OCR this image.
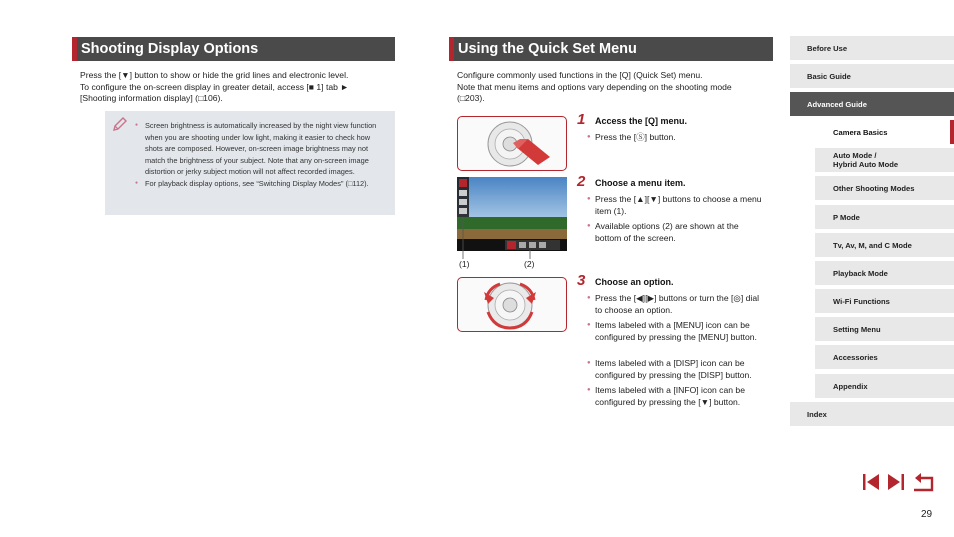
Shooting Display Options
Press the [▼] button to show or hide the grid lines and electronic level.
To configure the on-screen display in greater detail, access [■ 1] tab ►
[Shooting information display] (□106).
● Screen brightness is automatically increased by the night view function when you are shooting under low light, making it easier to check how shots are composed. However, on-screen image brightness may not match the brightness of your subject. Note that any on-screen image distortion or jerky subject motion will not affect recorded images.
● For playback display options, see “Switching Display Modes” (□112).
Using the Quick Set Menu
Configure commonly used functions in the [Q] (Quick Set) menu.
Note that menu items and options vary depending on the shooting mode
(□203).
1 Access the [Q] menu.
● Press the [Ⓢ] button.
(1)	(2)
2 Choose a menu item.
● Press the [▲][▼] buttons to choose a menu item (1).
● Available options (2) are shown at the bottom of the screen.
3 Choose an option.
● Press the [◀][▶] buttons or turn the [◎] dial to choose an option.
● Items labeled with a [MENU] icon can be configured by pressing the [MENU] button.
● Items labeled with a [DISP] icon can be configured by pressing the [DISP] button.
● Items labeled with a [INFO] icon can be configured by pressing the [▼] button.
Before Use
Basic Guide
Advanced Guide
Camera Basics
Auto Mode /
Hybrid Auto Mode
Other Shooting Modes
P Mode
Tv, Av, M, and C Mode
Playback Mode
Wi-Fi Functions
Setting Menu
Accessories
Appendix
Index
29
